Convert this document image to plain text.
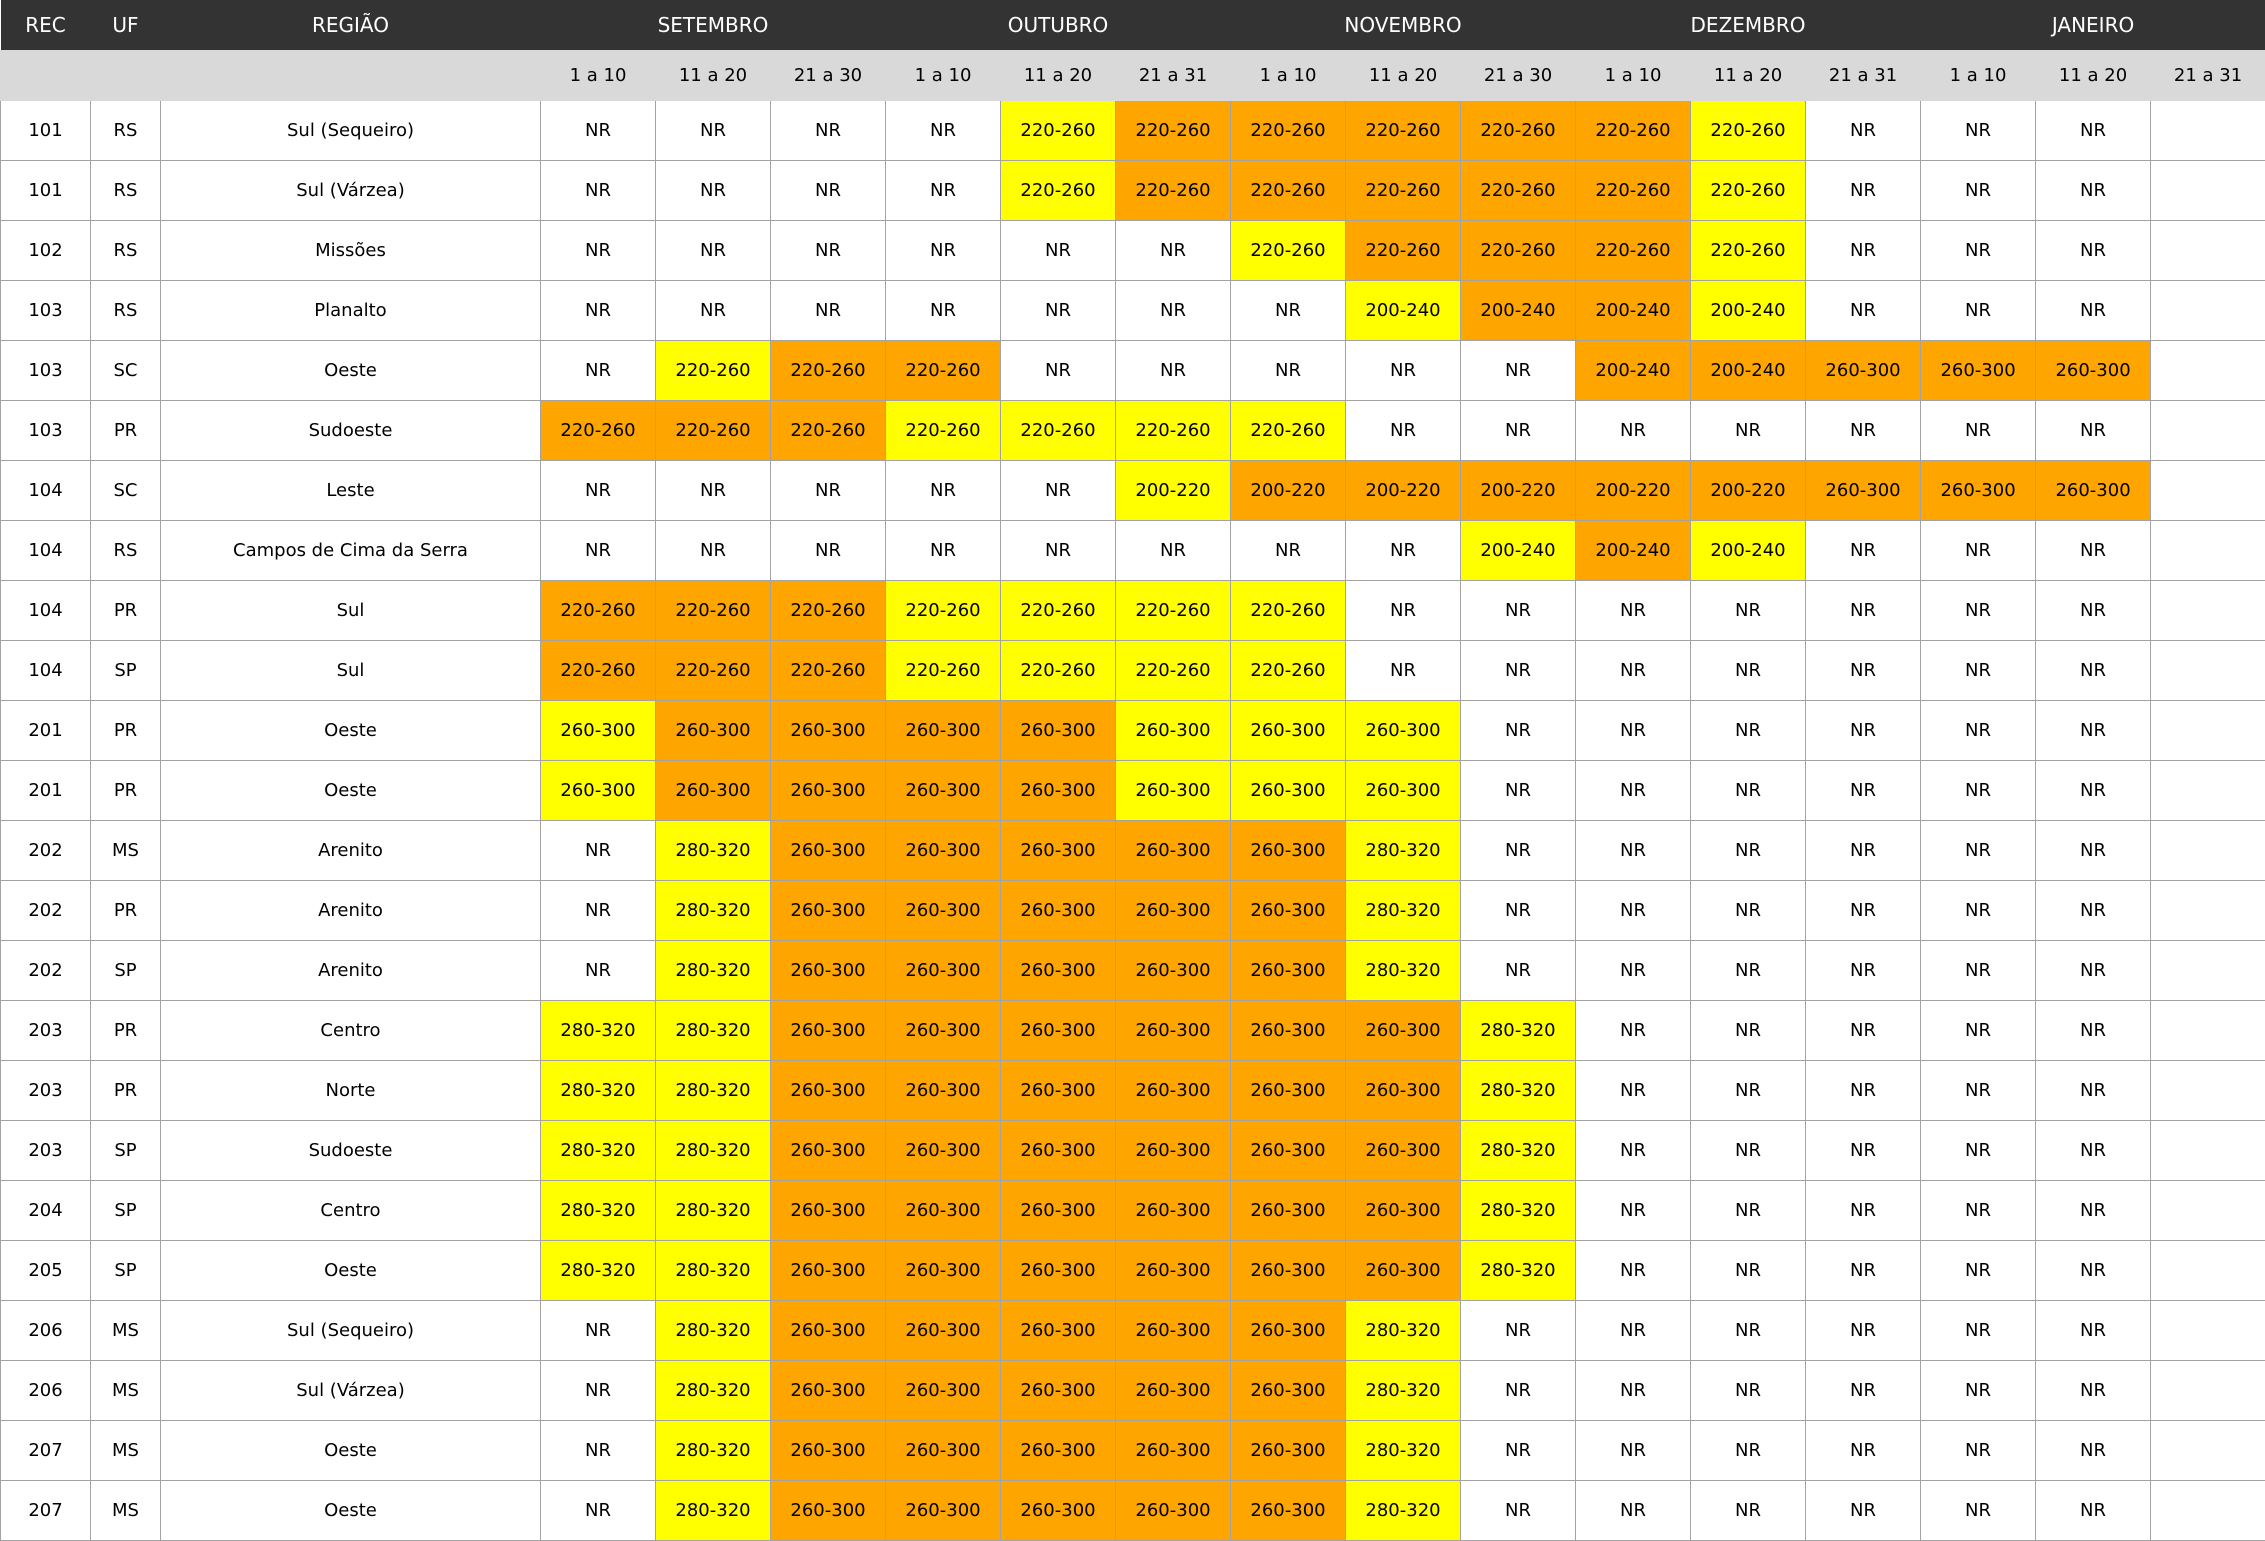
REC	UF	REGIÃO	SETEMBRO			OUTUBRO			NOVEMBRO			DEZEMBRO			JANEIRO		
			1 a 10	11 a 20	21 a 30	1 a 10	11 a 20	21 a 31	1 a 10	11 a 20	21 a 30	1 a 10	11 a 20	21 a 31	1 a 10	11 a 20	21 a 31
101	RS	Sul (Sequeiro)	NR	NR	NR	NR	220-260	220-260	220-260	220-260	220-260	220-260	220-260	NR	NR	NR	
101	RS	Sul (Várzea)	NR	NR	NR	NR	220-260	220-260	220-260	220-260	220-260	220-260	220-260	NR	NR	NR	
102	RS	Missões	NR	NR	NR	NR	NR	NR	220-260	220-260	220-260	220-260	220-260	NR	NR	NR	
103	RS	Planalto	NR	NR	NR	NR	NR	NR	NR	200-240	200-240	200-240	200-240	NR	NR	NR	
103	SC	Oeste	NR	220-260	220-260	220-260	NR	NR	NR	NR	NR	200-240	200-240	260-300	260-300	260-300	
103	PR	Sudoeste	220-260	220-260	220-260	220-260	220-260	220-260	220-260	NR	NR	NR	NR	NR	NR	NR	
104	SC	Leste	NR	NR	NR	NR	NR	200-220	200-220	200-220	200-220	200-220	200-220	260-300	260-300	260-300	
104	RS	Campos de Cima da Serra	NR	NR	NR	NR	NR	NR	NR	NR	200-240	200-240	200-240	NR	NR	NR	
104	PR	Sul	220-260	220-260	220-260	220-260	220-260	220-260	220-260	NR	NR	NR	NR	NR	NR	NR	
104	SP	Sul	220-260	220-260	220-260	220-260	220-260	220-260	220-260	NR	NR	NR	NR	NR	NR	NR	
201	PR	Oeste	260-300	260-300	260-300	260-300	260-300	260-300	260-300	260-300	NR	NR	NR	NR	NR	NR	
201	PR	Oeste	260-300	260-300	260-300	260-300	260-300	260-300	260-300	260-300	NR	NR	NR	NR	NR	NR	
202	MS	Arenito	NR	280-320	260-300	260-300	260-300	260-300	260-300	280-320	NR	NR	NR	NR	NR	NR	
202	PR	Arenito	NR	280-320	260-300	260-300	260-300	260-300	260-300	280-320	NR	NR	NR	NR	NR	NR	
202	SP	Arenito	NR	280-320	260-300	260-300	260-300	260-300	260-300	280-320	NR	NR	NR	NR	NR	NR	
203	PR	Centro	280-320	280-320	260-300	260-300	260-300	260-300	260-300	260-300	280-320	NR	NR	NR	NR	NR	
203	PR	Norte	280-320	280-320	260-300	260-300	260-300	260-300	260-300	260-300	280-320	NR	NR	NR	NR	NR	
203	SP	Sudoeste	280-320	280-320	260-300	260-300	260-300	260-300	260-300	260-300	280-320	NR	NR	NR	NR	NR	
204	SP	Centro	280-320	280-320	260-300	260-300	260-300	260-300	260-300	260-300	280-320	NR	NR	NR	NR	NR	
205	SP	Oeste	280-320	280-320	260-300	260-300	260-300	260-300	260-300	260-300	280-320	NR	NR	NR	NR	NR	
206	MS	Sul (Sequeiro)	NR	280-320	260-300	260-300	260-300	260-300	260-300	280-320	NR	NR	NR	NR	NR	NR	
206	MS	Sul (Várzea)	NR	280-320	260-300	260-300	260-300	260-300	260-300	280-320	NR	NR	NR	NR	NR	NR	
207	MS	Oeste	NR	280-320	260-300	260-300	260-300	260-300	260-300	280-320	NR	NR	NR	NR	NR	NR	
207	MS	Oeste	NR	280-320	260-300	260-300	260-300	260-300	260-300	280-320	NR	NR	NR	NR	NR	NR	
